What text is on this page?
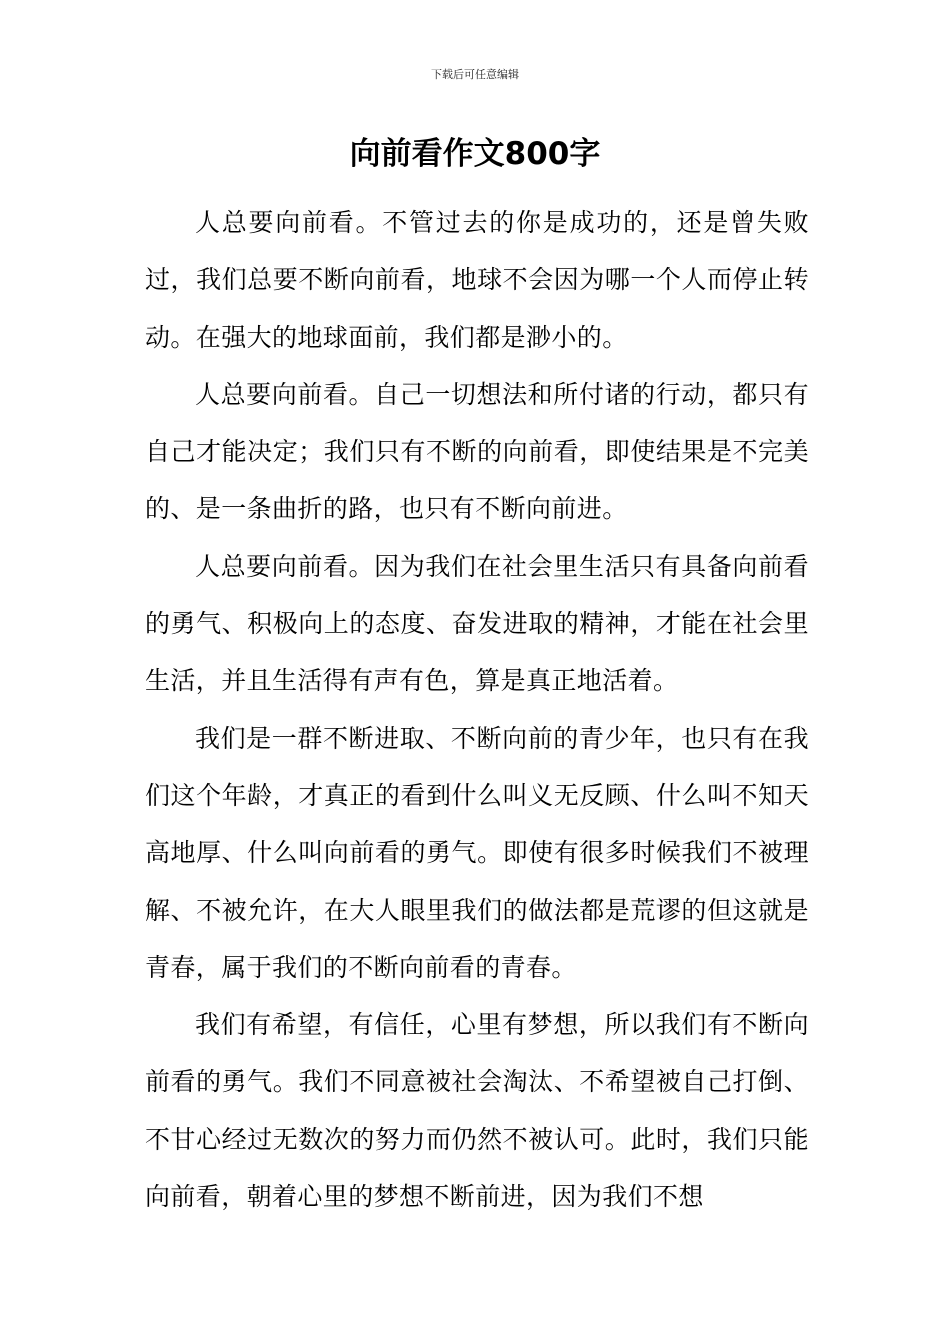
下载后可任意编辑
向前看作文800字

人总要向前看。不管过去的你是成功的，还是曾失败过，我们总要不断向前看，地球不会因为哪一个人而停止转动。在强大的地球面前，我们都是渺小的。

人总要向前看。自己一切想法和所付诸的行动，都只有自己才能决定；我们只有不断的向前看，即使结果是不完美的、是一条曲折的路，也只有不断向前进。

人总要向前看。因为我们在社会里生活只有具备向前看的勇气、积极向上的态度、奋发进取的精神，才能在社会里生活，并且生活得有声有色，算是真正地活着。

我们是一群不断进取、不断向前的青少年，也只有在我们这个年龄，才真正的看到什么叫义无反顾、什么叫不知天高地厚、什么叫向前看的勇气。即使有很多时候我们不被理解、不被允许，在大人眼里我们的做法都是荒谬的但这就是青春，属于我们的不断向前看的青春。

我们有希望，有信任，心里有梦想，所以我们有不断向前看的勇气。我们不同意被社会淘汰、不希望被自己打倒、不甘心经过无数次的努力而仍然不被认可。此时，我们只能向前看，朝着心里的梦想不断前进，因为我们不想
